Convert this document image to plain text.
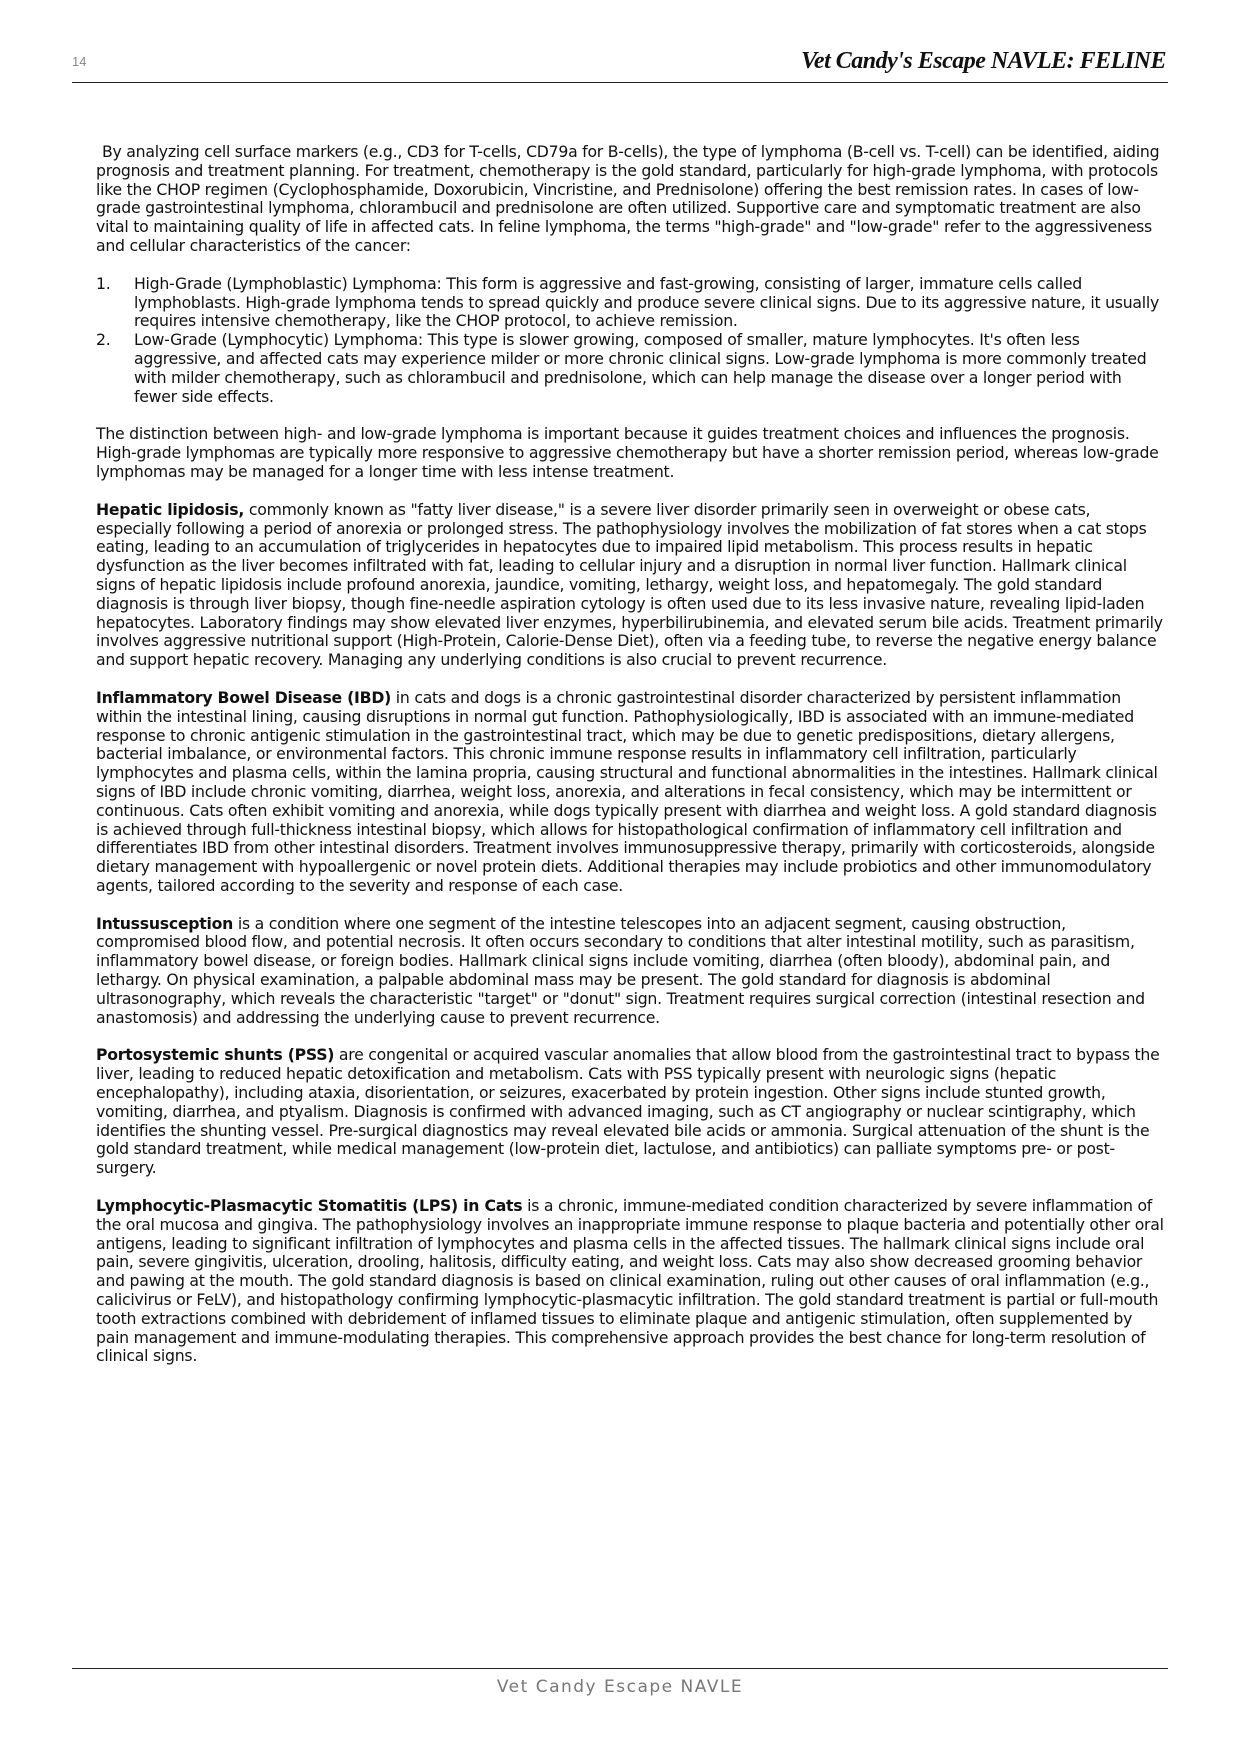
14	Vet Candy's Escape NAVLE: FELINE

By analyzing cell surface markers (e.g., CD3 for T-cells, CD79a for B-cells), the type of lymphoma (B-cell vs. T-cell) can be identified, aiding prognosis and treatment planning. For treatment, chemotherapy is the gold standard, particularly for high-grade lymphoma, with protocols like the CHOP regimen (Cyclophosphamide, Doxorubicin, Vincristine, and Prednisolone) offering the best remission rates. In cases of low-grade gastrointestinal lymphoma, chlorambucil and prednisolone are often utilized. Supportive care and symptomatic treatment are also vital to maintaining quality of life in affected cats. In feline lymphoma, the terms "high-grade" and "low-grade" refer to the aggressiveness and cellular characteristics of the cancer:

1. High-Grade (Lymphoblastic) Lymphoma: This form is aggressive and fast-growing, consisting of larger, immature cells called lymphoblasts. High-grade lymphoma tends to spread quickly and produce severe clinical signs. Due to its aggressive nature, it usually requires intensive chemotherapy, like the CHOP protocol, to achieve remission.
2. Low-Grade (Lymphocytic) Lymphoma: This type is slower growing, composed of smaller, mature lymphocytes. It's often less aggressive, and affected cats may experience milder or more chronic clinical signs. Low-grade lymphoma is more commonly treated with milder chemotherapy, such as chlorambucil and prednisolone, which can help manage the disease over a longer period with fewer side effects.

The distinction between high- and low-grade lymphoma is important because it guides treatment choices and influences the prognosis. High-grade lymphomas are typically more responsive to aggressive chemotherapy but have a shorter remission period, whereas low-grade lymphomas may be managed for a longer time with less intense treatment.

Hepatic lipidosis, commonly known as "fatty liver disease," is a severe liver disorder primarily seen in overweight or obese cats, especially following a period of anorexia or prolonged stress. The pathophysiology involves the mobilization of fat stores when a cat stops eating, leading to an accumulation of triglycerides in hepatocytes due to impaired lipid metabolism. This process results in hepatic dysfunction as the liver becomes infiltrated with fat, leading to cellular injury and a disruption in normal liver function. Hallmark clinical signs of hepatic lipidosis include profound anorexia, jaundice, vomiting, lethargy, weight loss, and hepatomegaly. The gold standard diagnosis is through liver biopsy, though fine-needle aspiration cytology is often used due to its less invasive nature, revealing lipid-laden hepatocytes. Laboratory findings may show elevated liver enzymes, hyperbilirubinemia, and elevated serum bile acids. Treatment primarily involves aggressive nutritional support (High-Protein, Calorie-Dense Diet), often via a feeding tube, to reverse the negative energy balance and support hepatic recovery. Managing any underlying conditions is also crucial to prevent recurrence.

Inflammatory Bowel Disease (IBD) in cats and dogs is a chronic gastrointestinal disorder characterized by persistent inflammation within the intestinal lining, causing disruptions in normal gut function. Pathophysiologically, IBD is associated with an immune-mediated response to chronic antigenic stimulation in the gastrointestinal tract, which may be due to genetic predispositions, dietary allergens, bacterial imbalance, or environmental factors. This chronic immune response results in inflammatory cell infiltration, particularly lymphocytes and plasma cells, within the lamina propria, causing structural and functional abnormalities in the intestines. Hallmark clinical signs of IBD include chronic vomiting, diarrhea, weight loss, anorexia, and alterations in fecal consistency, which may be intermittent or continuous. Cats often exhibit vomiting and anorexia, while dogs typically present with diarrhea and weight loss. A gold standard diagnosis is achieved through full-thickness intestinal biopsy, which allows for histopathological confirmation of inflammatory cell infiltration and differentiates IBD from other intestinal disorders. Treatment involves immunosuppressive therapy, primarily with corticosteroids, alongside dietary management with hypoallergenic or novel protein diets. Additional therapies may include probiotics and other immunomodulatory agents, tailored according to the severity and response of each case.

Intussusception is a condition where one segment of the intestine telescopes into an adjacent segment, causing obstruction, compromised blood flow, and potential necrosis. It often occurs secondary to conditions that alter intestinal motility, such as parasitism, inflammatory bowel disease, or foreign bodies. Hallmark clinical signs include vomiting, diarrhea (often bloody), abdominal pain, and lethargy. On physical examination, a palpable abdominal mass may be present. The gold standard for diagnosis is abdominal ultrasonography, which reveals the characteristic "target" or "donut" sign. Treatment requires surgical correction (intestinal resection and anastomosis) and addressing the underlying cause to prevent recurrence.

Portosystemic shunts (PSS) are congenital or acquired vascular anomalies that allow blood from the gastrointestinal tract to bypass the liver, leading to reduced hepatic detoxification and metabolism. Cats with PSS typically present with neurologic signs (hepatic encephalopathy), including ataxia, disorientation, or seizures, exacerbated by protein ingestion. Other signs include stunted growth, vomiting, diarrhea, and ptyalism. Diagnosis is confirmed with advanced imaging, such as CT angiography or nuclear scintigraphy, which identifies the shunting vessel. Pre-surgical diagnostics may reveal elevated bile acids or ammonia. Surgical attenuation of the shunt is the gold standard treatment, while medical management (low-protein diet, lactulose, and antibiotics) can palliate symptoms pre- or post-surgery.

Lymphocytic-Plasmacytic Stomatitis (LPS) in Cats is a chronic, immune-mediated condition characterized by severe inflammation of the oral mucosa and gingiva. The pathophysiology involves an inappropriate immune response to plaque bacteria and potentially other oral antigens, leading to significant infiltration of lymphocytes and plasma cells in the affected tissues. The hallmark clinical signs include oral pain, severe gingivitis, ulceration, drooling, halitosis, difficulty eating, and weight loss. Cats may also show decreased grooming behavior and pawing at the mouth. The gold standard diagnosis is based on clinical examination, ruling out other causes of oral inflammation (e.g., calicivirus or FeLV), and histopathology confirming lymphocytic-plasmacytic infiltration. The gold standard treatment is partial or full-mouth tooth extractions combined with debridement of inflamed tissues to eliminate plaque and antigenic stimulation, often supplemented by pain management and immune-modulating therapies. This comprehensive approach provides the best chance for long-term resolution of clinical signs.

Vet Candy Escape NAVLE
